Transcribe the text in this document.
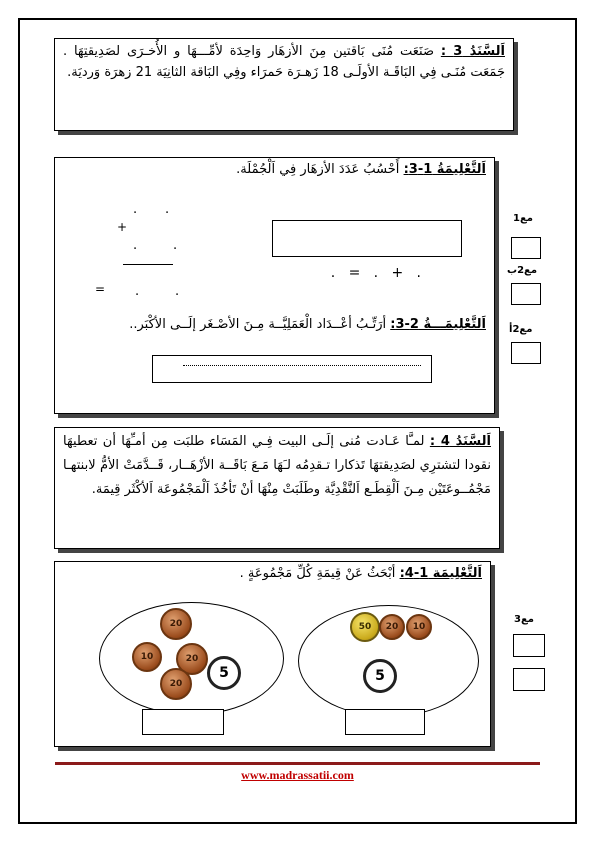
اَلسَّنَدُ 3 : صَنَعَت مُنَى بَاقتين مِنَ الأزهَار وَاحِدَة لأمِّـــهَا و الأُخـرَى لصَدِيقتِهَا . جَمَعَت مُنَـى فِي البَاقَـة الأولَـى 18 زَهـرَة حَمرَاء وفِي البَاقة الثانِيَة 21 زهرَة وَرديَة.
اَلتَّعْلِيمَةُ 1-3: أَحْسُبُ عَدَدَ الأزهَار فِي اَلْجُمْلَة.
. .
+
.	.
= .	.

.   =   .   +   .

اَلتَّعْلِيمَـــةُ 2-3: أرَتِّـبُ أعْــدَاد الْعَمَلِيَّــة مِـنَ الأصْـغَر إلَــى الأكْبَر..
مع1
مع2ب
مع2أ
اَلسَّنَدُ 4 : لمـَّا عَـادت مُنى إلَـى البيت فِـي المَسَاء طلبَت مِن أمـِّهَا أن تعطيهَا نقودا لتشترِي لصَدِيقتهَا تَذكارا تـقدِمُه لـَهَا مَـعَ بَاقَــة الأزْهَــار، قَــدَّمَتْ الأمُّ لابنتهـا مَجْمُــوعَتَيْن مِـنَ اَلْقِطَـع اَلنَّقْدِيَّة وطَلَبَتْ مِنْهَا أنْ تَأخُذَ اَلْمَجْمُوعَة اَلأكْثَر قِيمَة.
اَلتَّعْلِيمَة 1-4: أبْحَثُ عَنْ قِيمَةِ كُلِّ مَجْمُوعَةٍ .
20
10	20
5
20
50	20	10
5
مع3
www.madrassatii.com
